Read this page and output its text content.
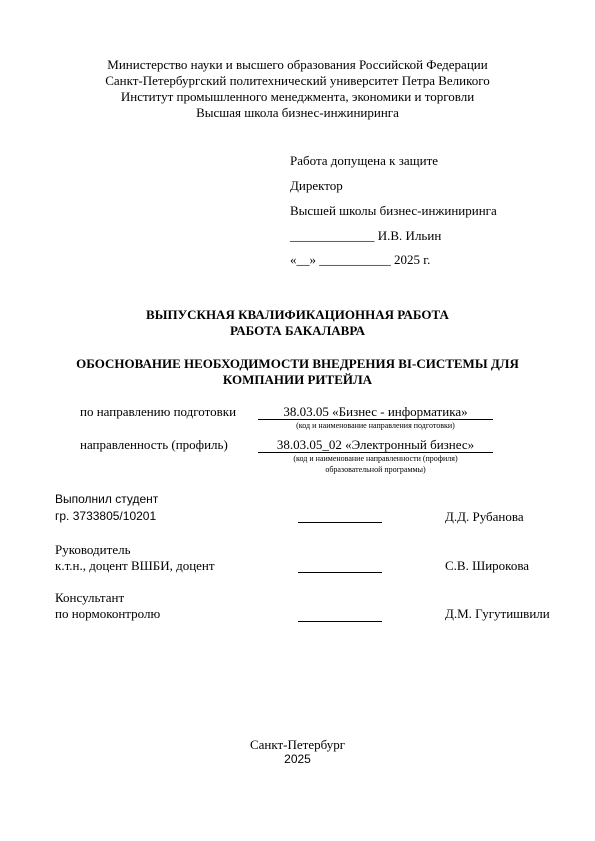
Министерство науки и высшего образования Российской Федерации
Санкт-Петербургский политехнический университет Петра Великого
Институт промышленного менеджмента, экономики и торговли
Высшая школа бизнес-инжиниринга
Работа допущена к защите
Директор
Высшей школы бизнес-инжиниринга
_____________ И.В. Ильин
«__» ___________ 2025 г.
ВЫПУСКНАЯ КВАЛИФИКАЦИОННАЯ РАБОТА
РАБОТА БАКАЛАВРА
ОБОСНОВАНИЕ НЕОБХОДИМОСТИ ВНЕДРЕНИЯ BI-СИСТЕМЫ ДЛЯ
КОМПАНИИ РИТЕЙЛА
по направлению подготовки	38.03.05 «Бизнес - информатика»
(код и наименование направления подготовки)
направленность (профиль)	38.03.05_02 «Электронный бизнес»
(код и наименование направленности (профиля)
образовательной программы)
Выполнил студент
гр. 3733805/10201	Д.Д. Рубанова
Руководитель
к.т.н., доцент ВШБИ, доцент	С.В. Широкова
Консультант
по нормоконтролю	Д.М. Гугутишвили
Санкт-Петербург
2025
